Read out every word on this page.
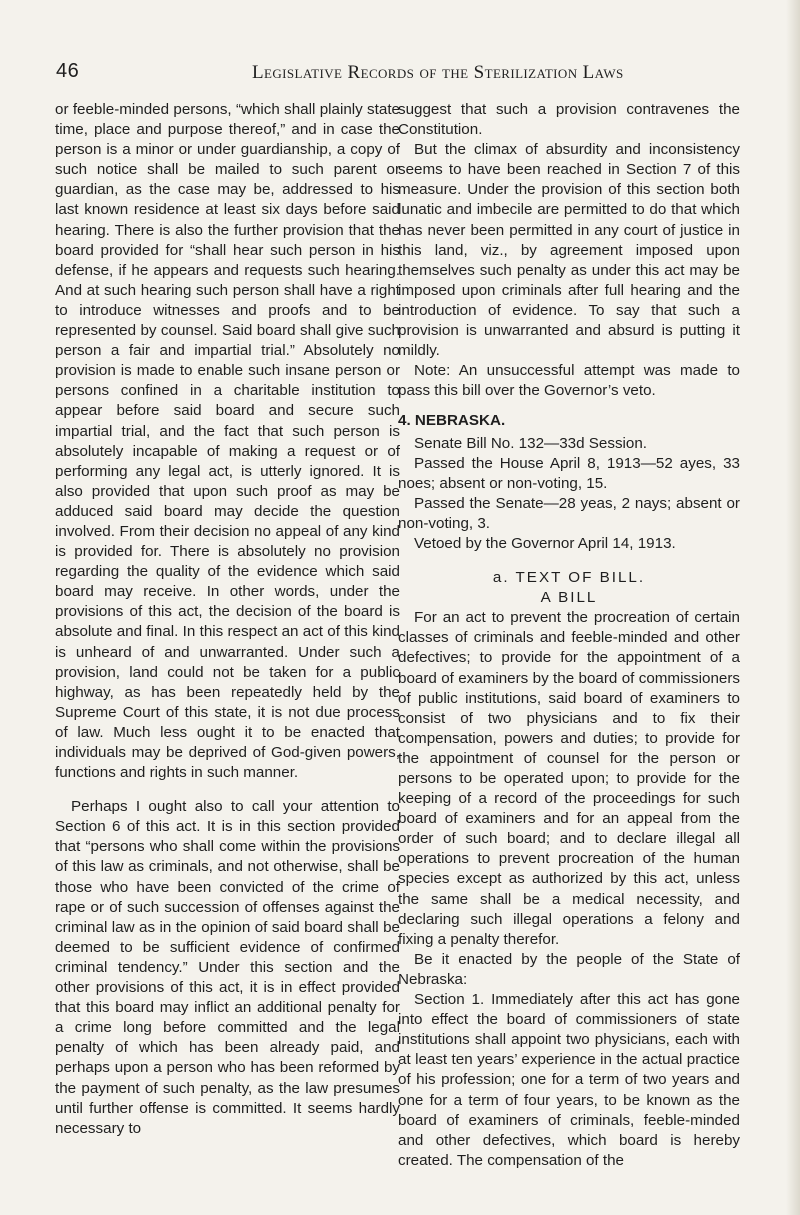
46	Legislative Records of the Sterilization Laws

or feeble-minded persons, “which shall plainly state time, place and purpose thereof,” and in case the person is a minor or under guardianship, a copy of such notice shall be mailed to such parent or guardian, as the case may be, addressed to his last known residence at least six days before said hearing. There is also the further provision that the board provided for “shall hear such person in his defense, if he appears and requests such hearing. And at such hearing such person shall have a right to introduce witnesses and proofs and to be represented by counsel. Said board shall give such person a fair and impartial trial.” Absolutely no provision is made to enable such insane person or persons confined in a charitable institution to appear before said board and secure such impartial trial, and the fact that such person is absolutely incapable of making a request or of performing any legal act, is utterly ignored. It is also provided that upon such proof as may be adduced said board may decide the question involved. From their decision no appeal of any kind is provided for. There is absolutely no provision regarding the quality of the evidence which said board may receive. In other words, under the provisions of this act, the decision of the board is absolute and final. In this respect an act of this kind is unheard of and unwarranted. Under such a provision, land could not be taken for a public highway, as has been repeatedly held by the Supreme Court of this state, it is not due process of law. Much less ought it to be enacted that individuals may be deprived of God-given powers, functions and rights in such manner.

Perhaps I ought also to call your attention to Section 6 of this act. It is in this section provided that “persons who shall come within the provisions of this law as criminals, and not otherwise, shall be those who have been convicted of the crime of rape or of such succession of offenses against the criminal law as in the opinion of said board shall be deemed to be sufficient evidence of confirmed criminal tendency.” Under this section and the other provisions of this act, it is in effect provided that this board may inflict an additional penalty for a crime long before committed and the legal penalty of which has been already paid, and perhaps upon a person who has been reformed by the payment of such penalty, as the law presumes until further offense is committed. It seems hardly necessary to

suggest that such a provision contravenes the Constitution.

But the climax of absurdity and inconsistency seems to have been reached in Section 7 of this measure. Under the provision of this section both lunatic and imbecile are permitted to do that which has never been permitted in any court of justice in this land, viz., by agreement imposed upon themselves such penalty as under this act may be imposed upon criminals after full hearing and the introduction of evidence. To say that such a provision is unwarranted and absurd is putting it mildly.

Note: An unsuccessful attempt was made to pass this bill over the Governor’s veto.

4. NEBRASKA.

Senate Bill No. 132—33d Session.

Passed the House April 8, 1913—52 ayes, 33 noes; absent or non-voting, 15.

Passed the Senate—28 yeas, 2 nays; absent or non-voting, 3.

Vetoed by the Governor April 14, 1913.

a. TEXT OF BILL.

A BILL

For an act to prevent the procreation of certain classes of criminals and feeble-minded and other defectives; to provide for the appointment of a board of examiners by the board of commissioners of public institutions, said board of examiners to consist of two physicians and to fix their compensation, powers and duties; to provide for the appointment of counsel for the person or persons to be operated upon; to provide for the keeping of a record of the proceedings for such board of examiners and for an appeal from the order of such board; and to declare illegal all operations to prevent procreation of the human species except as authorized by this act, unless the same shall be a medical necessity, and declaring such illegal operations a felony and fixing a penalty therefor.

Be it enacted by the people of the State of Nebraska:

Section 1. Immediately after this act has gone into effect the board of commissioners of state institutions shall appoint two physicians, each with at least ten years’ experience in the actual practice of his profession; one for a term of two years and one for a term of four years, to be known as the board of examiners of criminals, feeble-minded and other defectives, which board is hereby created. The compensation of the
